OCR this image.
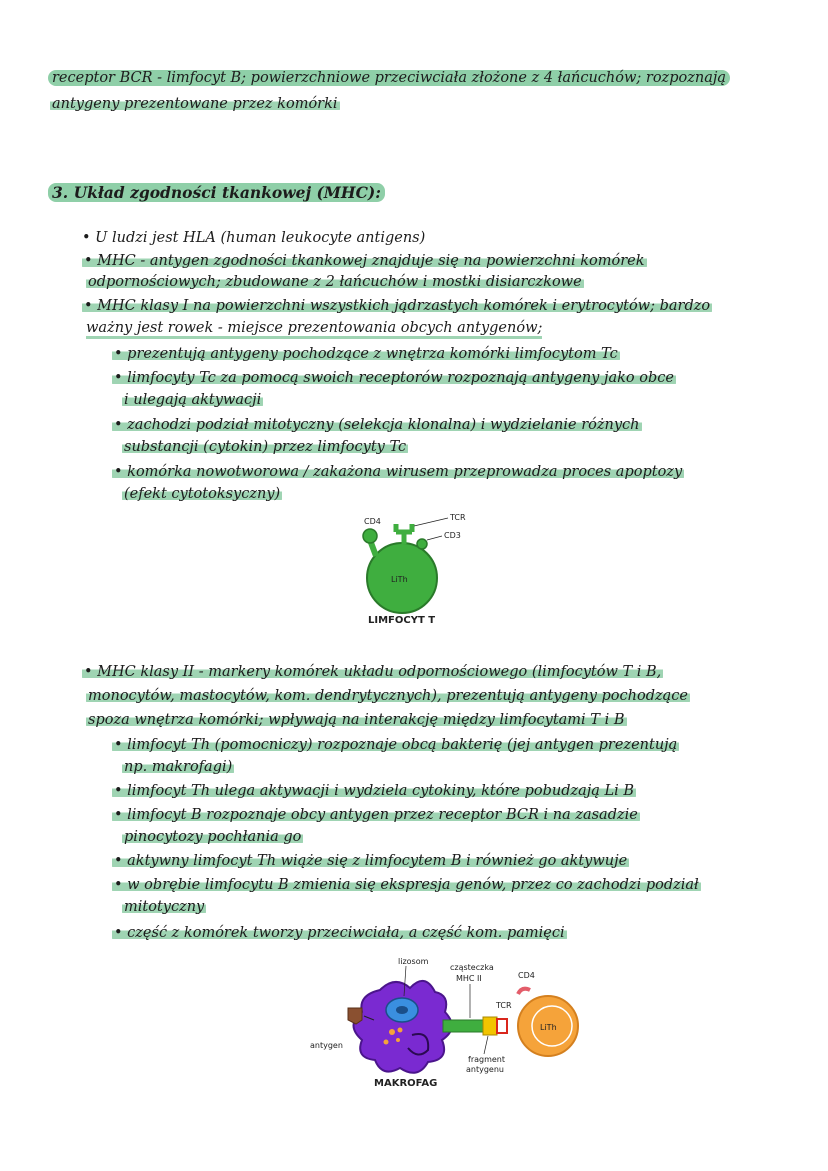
receptor BCR - limfocyt B; powierzchniowe przeciwciała złożone z 4 łańcuchów; rozpoznają
antygeny prezentowane przez komórki
3. Układ zgodności tkankowej (MHC):
• U ludzi jest HLA (human leukocyte antigens)
• MHC - antygen zgodności tkankowej znajduje się na powierzchni komórek
odpornościowych; zbudowane z 2 łańcuchów i mostki disiarczkowe
• MHC klasy I na powierzchni wszystkich jądrzastych komórek i erytrocytów; bardzo
ważny jest rowek - miejsce prezentowania obcych antygenów;
• prezentują antygeny pochodzące z wnętrza komórki limfocytom Tc
• limfocyty Tc za pomocą swoich receptorów rozpoznają antygeny jako obce
i ulegają aktywacji
• zachodzi podział mitotyczny (selekcja klonalna) i wydzielanie różnych
substancji (cytokin) przez limfocyty Tc
• komórka nowotworowa / zakażona wirusem przeprowadza proces apoptozy
(efekt cytotoksyczny)
CD4	TCR
CD3
LiTh
LIMFOCYT T
• MHC klasy II - markery komórek układu odpornościowego (limfocytów T i B,
monocytów, mastocytów, kom. dendrytycznych), prezentują antygeny pochodzące
spoza wnętrza komórki; wpływają na interakcję między limfocytami T i B
• limfocyt Th (pomocniczy) rozpoznaje obcą bakterię (jej antygen prezentują
np. makrofagi)
• limfocyt Th ulega aktywacji i wydziela cytokiny, które pobudzają Li B
• limfocyt B rozpoznaje obcy antygen przez receptor BCR i na zasadzie
pinocytozy pochłania go
• aktywny limfocyt Th wiąże się z limfocytem B i również go aktywuje
• w obrębie limfocytu B zmienia się ekspresja genów, przez co zachodzi podział
mitotyczny
• część z komórek tworzy przeciwciała, a część kom. pamięci
lizosom
cząsteczka
MHC II	CD4
TCR
LiTh
antygen
fragment
antygenu
MAKROFAG
